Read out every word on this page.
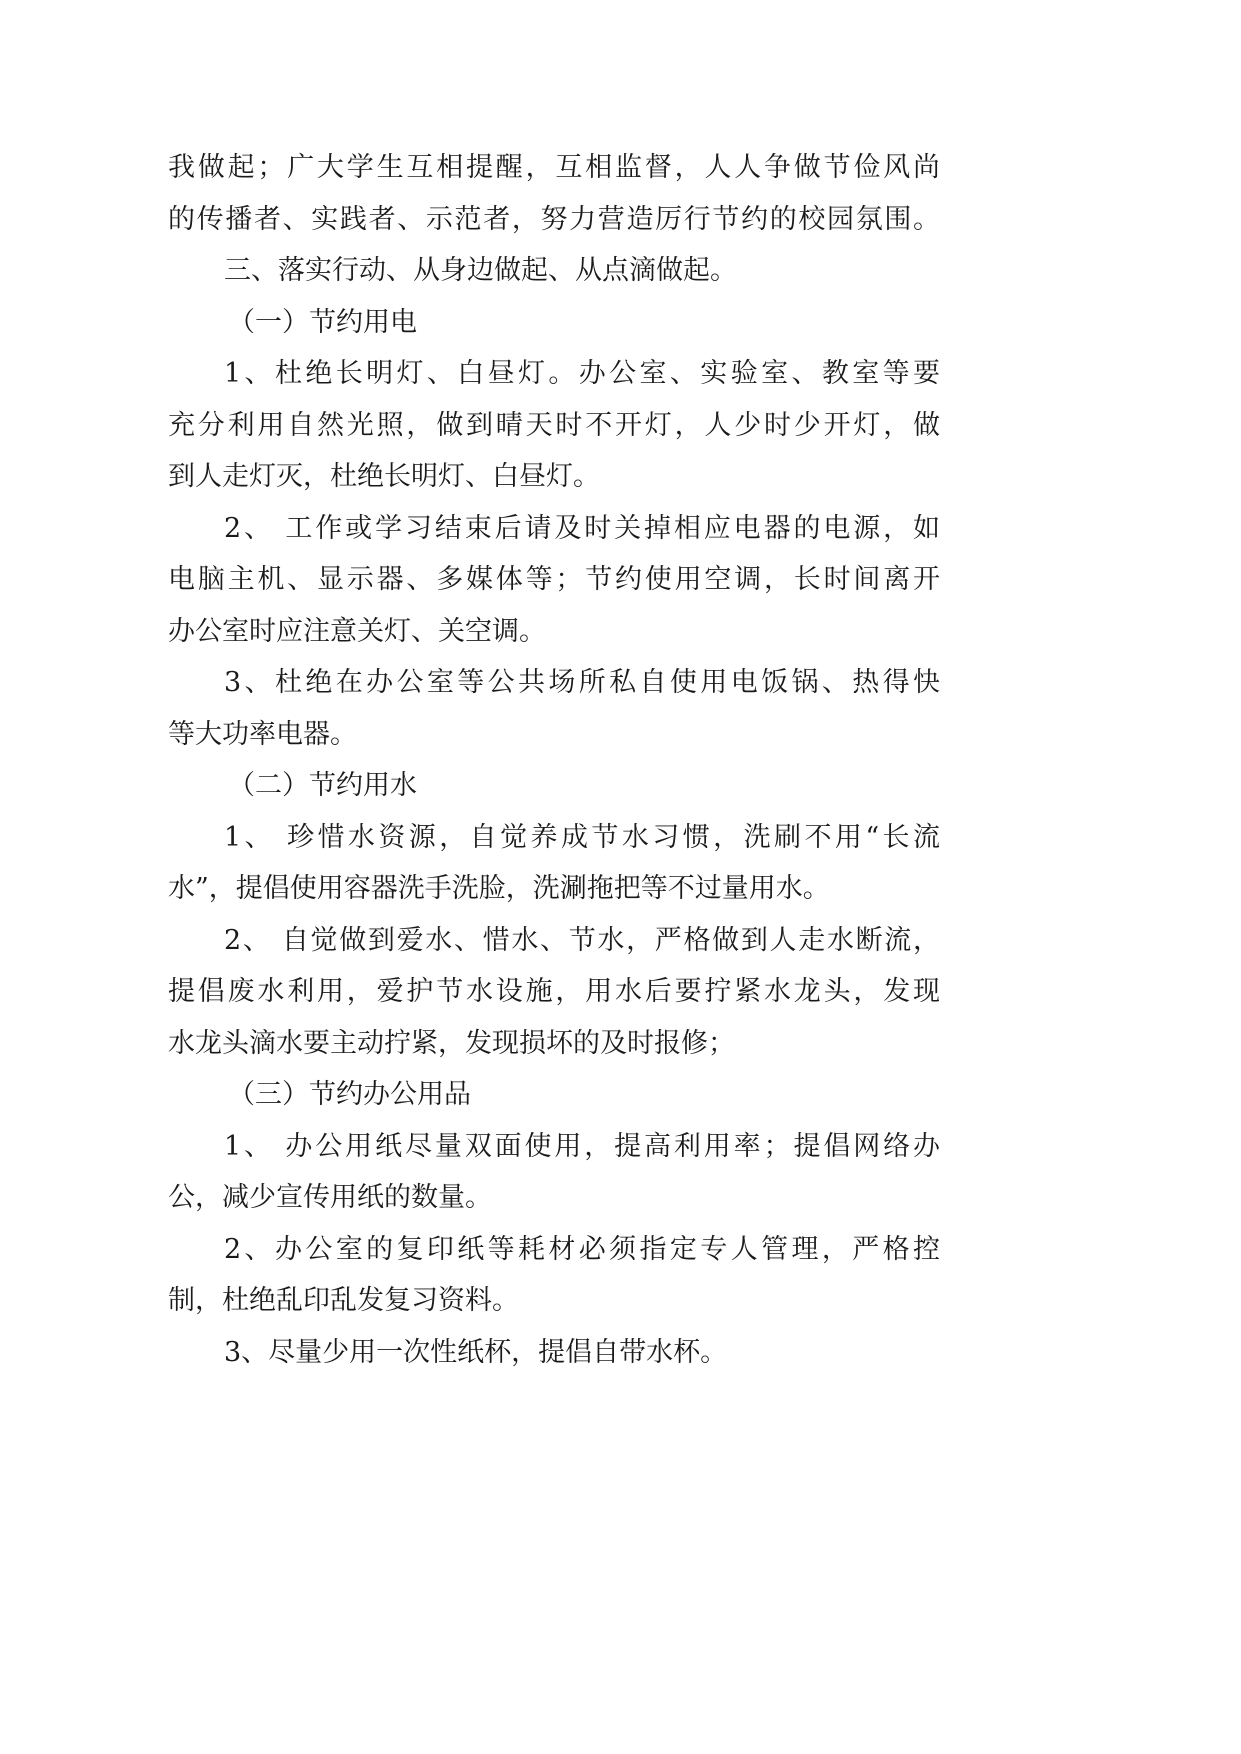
我做起；广大学生互相提醒，互相监督，人人争做节俭风尚
的传播者、实践者、示范者，努力营造厉行节约的校园氛围。
三、落实行动、从身边做起、从点滴做起。
（一）节约用电
1、杜绝长明灯、白昼灯。办公室、实验室、教室等要
充分利用自然光照，做到晴天时不开灯，人少时少开灯，做
到人走灯灭，杜绝长明灯、白昼灯。
2、 工作或学习结束后请及时关掉相应电器的电源，如
电脑主机、显示器、多媒体等；节约使用空调，长时间离开
办公室时应注意关灯、关空调。
3、杜绝在办公室等公共场所私自使用电饭锅、热得快
等大功率电器。
（二）节约用水
1、 珍惜水资源，自觉养成节水习惯，洗刷不用“长流
水”，提倡使用容器洗手洗脸，洗涮拖把等不过量用水。
2、 自觉做到爱水、惜水、节水，严格做到人走水断流，
提倡废水利用，爱护节水设施，用水后要拧紧水龙头，发现
水龙头滴水要主动拧紧，发现损坏的及时报修；
（三）节约办公用品
1、 办公用纸尽量双面使用，提高利用率；提倡网络办
公，减少宣传用纸的数量。
2、办公室的复印纸等耗材必须指定专人管理，严格控
制，杜绝乱印乱发复习资料。
3、尽量少用一次性纸杯，提倡自带水杯。
